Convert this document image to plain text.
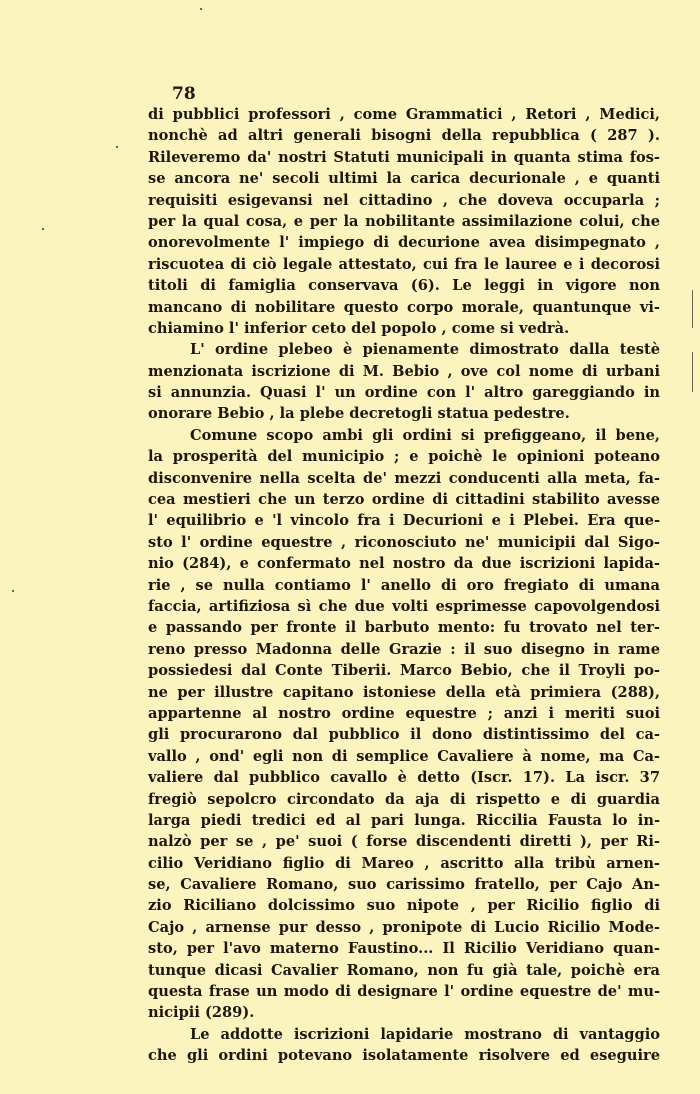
78
di pubblici professori , come Grammatici , Retori , Medici,
nonchè ad altri generali bisogni della repubblica ( 287 ).
Rileveremo da' nostri Statuti municipali in quanta stima fos-
se ancora ne' secoli ultimi la carica decurionale , e quanti
requisiti esigevansi nel cittadino , che doveva occuparla ;
per la qual cosa, e per la nobilitante assimilazione colui, che
onorevolmente l' impiego di decurione avea disimpegnato ,
riscuotea di ciò legale attestato, cui fra le lauree e i decorosi
titoli di famiglia conservava (6). Le leggi in vigore non
mancano di nobilitare questo corpo morale, quantunque vi-
chiamino l' inferior ceto del popolo , come si vedrà.
L' ordine plebeo è pienamente dimostrato dalla testè
menzionata iscrizione di M. Bebio , ove col nome di urbani
si annunzia. Quasi l' un ordine con l' altro gareggiando in
onorare Bebio , la plebe decretogli statua pedestre.
Comune scopo ambi gli ordini si prefiggeano, il bene,
la prosperità del municipio ; e poichè le opinioni poteano
disconvenire nella scelta de' mezzi conducenti alla meta, fa-
cea mestieri che un terzo ordine di cittadini stabilito avesse
l' equilibrio e 'l vincolo fra i Decurioni e i Plebei. Era que-
sto l' ordine equestre , riconosciuto ne' municipii dal Sigo-
nio (284), e confermato nel nostro da due iscrizioni lapida-
rie , se nulla contiamo l' anello di oro fregiato di umana
faccia, artifiziosa sì che due volti esprimesse capovolgendosi
e passando per fronte il barbuto mento: fu trovato nel ter-
reno presso Madonna delle Grazie : il suo disegno in rame
possiedesi dal Conte Tiberii. Marco Bebio, che il Troyli po-
ne per illustre capitano istoniese della età primiera (288),
appartenne al nostro ordine equestre ; anzi i meriti suoi
gli procurarono dal pubblico il dono distintissimo del ca-
vallo , ond' egli non di semplice Cavaliere à nome, ma Ca-
valiere dal pubblico cavallo è detto (Iscr. 17). La iscr. 37
fregiò sepolcro circondato da aja di rispetto e di guardia
larga piedi tredici ed al pari lunga. Riccilia Fausta lo in-
nalzò per se , pe' suoi ( forse discendenti diretti ), per Ri-
cilio Veridiano figlio di Mareo , ascritto alla tribù arnen-
se, Cavaliere Romano, suo carissimo fratello, per Cajo An-
zio Riciliano dolcissimo suo nipote , per Ricilio figlio di
Cajo , arnense pur desso , pronipote di Lucio Ricilio Mode-
sto, per l'avo materno Faustino... Il Ricilio Veridiano quan-
tunque dicasi Cavalier Romano, non fu già tale, poichè era
questa frase un modo di designare l' ordine equestre de' mu-
nicipii (289).
Le addotte iscrizioni lapidarie mostrano di vantaggio
che gli ordini potevano isolatamente risolvere ed eseguire
